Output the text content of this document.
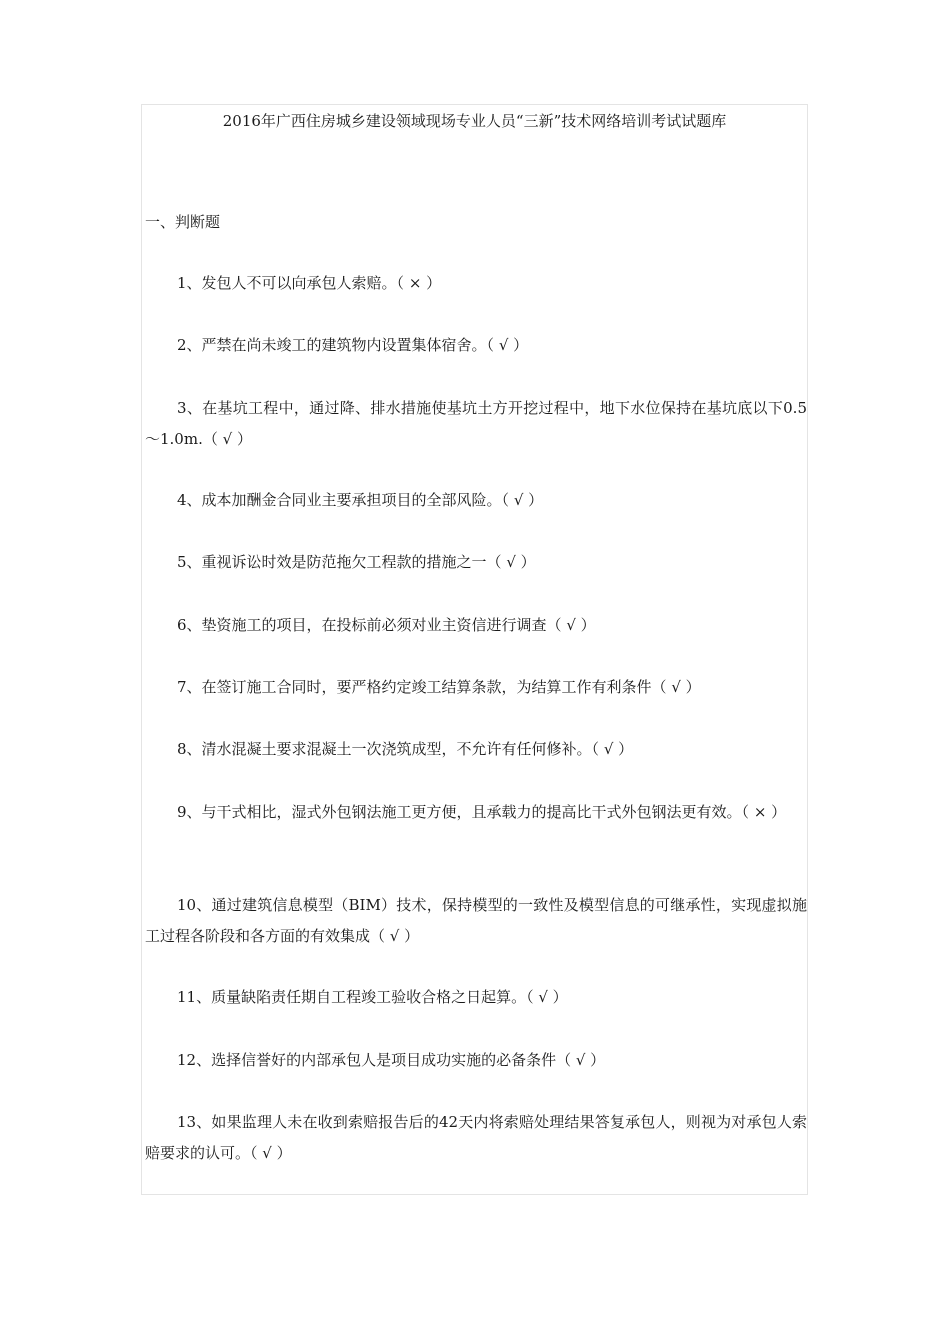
2016年广西住房城乡建设领域现场专业人员“三新”技术网络培训考试试题库
一、判断题

1、发包人不可以向承包人索赔。（ × ）

2、严禁在尚未竣工的建筑物内设置集体宿舍。（ √ ）

3、在基坑工程中，通过降、排水措施使基坑土方开挖过程中，地下水位保持在基坑底以下0.5～1.0m.（ √ ）

4、成本加酬金合同业主要承担项目的全部风险。（ √ ）

5、重视诉讼时效是防范拖欠工程款的措施之一（ √ ）

6、垫资施工的项目，在投标前必须对业主资信进行调查（ √ ）

7、在签订施工合同时，要严格约定竣工结算条款，为结算工作有利条件（ √ ）

8、清水混凝土要求混凝土一次浇筑成型，不允许有任何修补。（ √ ）

9、与干式相比，湿式外包钢法施工更方便，且承载力的提高比干式外包钢法更有效。（ × ）

10、通过建筑信息模型（BIM）技术，保持模型的一致性及模型信息的可继承性，实现虚拟施工过程各阶段和各方面的有效集成（ √ ）

11、质量缺陷责任期自工程竣工验收合格之日起算。（ √ ）

12、选择信誉好的内部承包人是项目成功实施的必备条件（ √ ）

13、如果监理人未在收到索赔报告后的42天内将索赔处理结果答复承包人，则视为对承包人索赔要求的认可。（ √ ）
